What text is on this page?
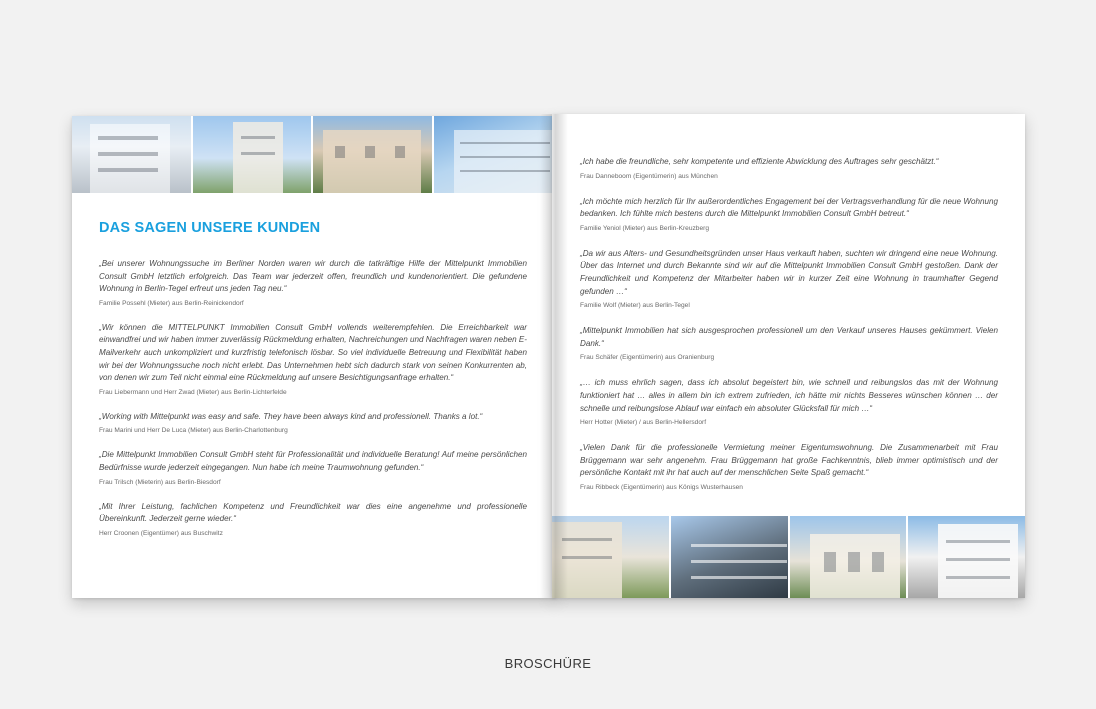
DAS SAGEN UNSERE KUNDEN

„Bei unserer Wohnungssuche im Berliner Norden waren wir durch die tatkräftige Hilfe der Mittelpunkt Immobilien Consult GmbH letztlich erfolgreich. Das Team war jederzeit offen, freundlich und kundenorientiert. Die gefundene Wohnung in Berlin-Tegel erfreut uns jeden Tag neu.“

Familie Possehl (Mieter) aus Berlin-Reinickendorf

„Wir können die MITTELPUNKT Immobilien Consult GmbH vollends weiterempfehlen. Die Erreichbarkeit war einwandfrei und wir haben immer zuverlässig Rückmeldung erhalten, Nachreichungen und Nachfragen waren neben E-Mailverkehr auch unkompliziert und kurzfristig telefonisch lösbar. So viel individuelle Betreuung und Flexibilität haben wir bei der Wohnungssuche noch nicht erlebt. Das Unternehmen hebt sich dadurch stark von seinen Konkurrenten ab, von denen wir zum Teil nicht einmal eine Rückmeldung auf unsere Besichtigungsanfrage erhalten.“

Frau Liebermann und Herr Zwad (Mieter) aus Berlin-Lichterfelde

„Working with Mittelpunkt was easy and safe. They have been always kind and professionell. Thanks a lot.“

Frau Marini und Herr De Luca (Mieter) aus Berlin-Charlottenburg

„Die Mittelpunkt Immobilien Consult GmbH steht für Professionalität und individuelle Beratung! Auf meine persönlichen Bedürfnisse wurde jederzeit eingegangen. Nun habe ich meine Traumwohnung gefunden.“

Frau Trilsch (Mieterin) aus Berlin-Biesdorf

„Mit Ihrer Leistung, fachlichen Kompetenz und Freundlichkeit war dies eine angenehme und professionelle Übereinkunft. Jederzeit gerne wieder.“

Herr Croonen (Eigentümer) aus Buschwitz

„Ich habe die freundliche, sehr kompetente und effiziente Abwicklung des Auftrages sehr geschätzt.“

Frau Danneboom (Eigentümerin) aus München

„Ich möchte mich herzlich für Ihr außerordentliches Engagement bei der Vertragsverhandlung für die neue Wohnung bedanken. Ich fühlte mich bestens durch die Mittelpunkt Immobilien Consult GmbH betreut.“

Familie Yeniol (Mieter) aus Berlin-Kreuzberg

„Da wir aus Alters- und Gesundheitsgründen unser Haus verkauft haben, suchten wir dringend eine neue Wohnung. Über das Internet und durch Bekannte sind wir auf die Mittelpunkt Immobilien Consult GmbH gestoßen. Dank der Freundlichkeit und Kompetenz der Mitarbeiter haben wir in kurzer Zeit eine Wohnung in traumhafter Gegend gefunden …“

Familie Wolf (Mieter) aus Berlin-Tegel

„Mittelpunkt Immobilien hat sich ausgesprochen professionell um den Verkauf unseres Hauses gekümmert. Vielen Dank.“

Frau Schäfer (Eigentümerin) aus Oranienburg

„… ich muss ehrlich sagen, dass ich absolut begeistert bin, wie schnell und reibungslos das mit der Wohnung funktioniert hat … alles in allem bin ich extrem zufrieden, ich hätte mir nichts Besseres wünschen können … der schnelle und reibungslose Ablauf war einfach ein absoluter Glücksfall für mich …“

Herr Hotter (Mieter) / aus Berlin-Hellersdorf

„Vielen Dank für die professionelle Vermietung meiner Eigentumswohnung. Die Zusammenarbeit mit Frau Brüggemann war sehr angenehm. Frau Brüggemann hat große Fachkenntnis, blieb immer optimistisch und der persönliche Kontakt mit ihr hat auch auf der menschlichen Seite Spaß gemacht.“

Frau Ribbeck (Eigentümerin) aus Königs Wusterhausen

BROSCHÜRE
